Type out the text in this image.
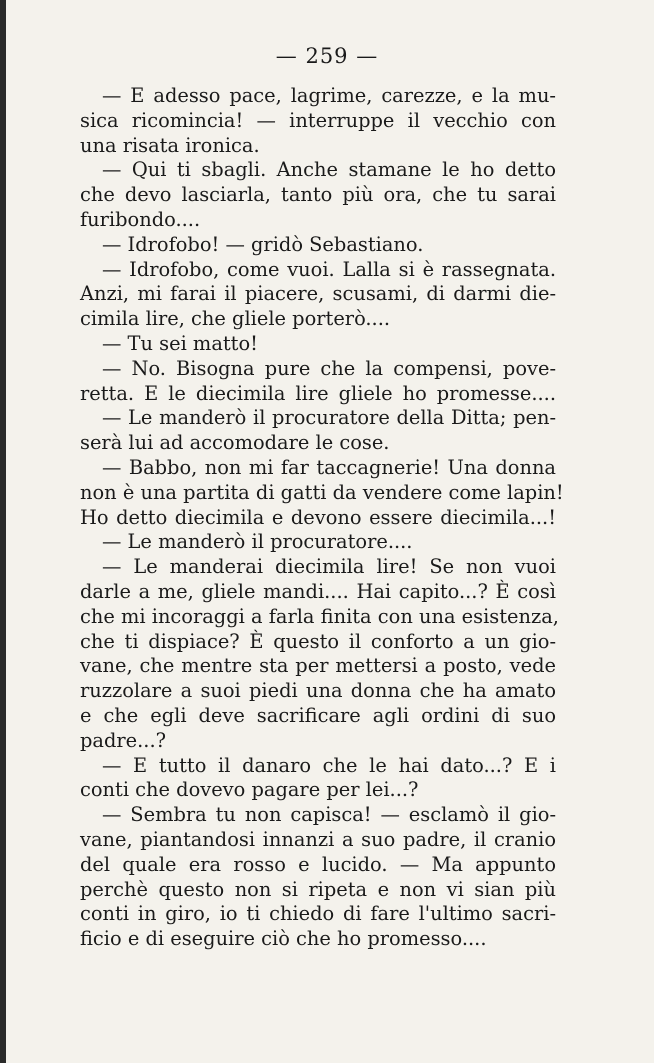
— 259 —
— E adesso pace, lagrime, carezze, e la mu-
sica ricomincia! — interruppe il vecchio con
una risata ironica.
— Qui ti sbagli. Anche stamane le ho detto
che devo lasciarla, tanto più ora, che tu sarai
furibondo....
— Idrofobo! — gridò Sebastiano.
— Idrofobo, come vuoi. Lalla si è rassegnata.
Anzi, mi farai il piacere, scusami, di darmi die-
cimila lire, che gliele porterò....
— Tu sei matto!
— No. Bisogna pure che la compensi, pove-
retta. E le diecimila lire gliele ho promesse....
— Le manderò il procuratore della Ditta; pen-
serà lui ad accomodare le cose.
— Babbo, non mi far taccagnerie! Una donna
non è una partita di gatti da vendere come lapin!
Ho detto diecimila e devono essere diecimila...!
— Le manderò il procuratore....
— Le manderai diecimila lire! Se non vuoi
darle a me, gliele mandi.... Hai capito...? È così
che mi incoraggi a farla finita con una esistenza,
che ti dispiace? È questo il conforto a un gio-
vane, che mentre sta per mettersi a posto, vede
ruzzolare a suoi piedi una donna che ha amato
e che egli deve sacrificare agli ordini di suo
padre...?
— E tutto il danaro che le hai dato...? E i
conti che dovevo pagare per lei...?
— Sembra tu non capisca! — esclamò il gio-
vane, piantandosi innanzi a suo padre, il cranio
del quale era rosso e lucido. — Ma appunto
perchè questo non si ripeta e non vi sian più
conti in giro, io ti chiedo di fare l'ultimo sacri-
ficio e di eseguire ciò che ho promesso....
